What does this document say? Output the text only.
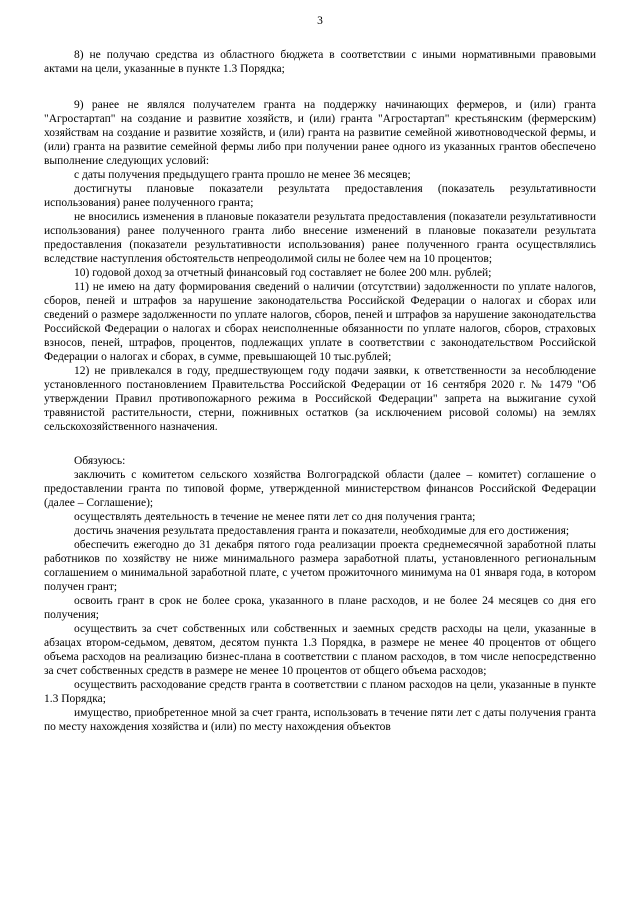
3

8) не получаю средства из областного бюджета в соответствии с иными нормативными правовыми актами на цели, указанные в пункте 1.3 Порядка;

9) ранее не являлся получателем гранта на поддержку начинающих фермеров, и (или) гранта "Агростартап" на создание и развитие хозяйств, и (или) гранта "Агростартап" крестьянским (фермерским) хозяйствам на создание и развитие хозяйств, и (или) гранта на развитие семейной животноводческой фермы, и (или) гранта на развитие семейной фермы либо при получении ранее одного из указанных грантов обеспечено выполнение следующих условий:

с даты получения предыдущего гранта прошло не менее 36 месяцев;

достигнуты плановые показатели результата предоставления (показатель результативности использования) ранее полученного гранта;

не вносились изменения в плановые показатели результата предоставления (показатели результативности использования) ранее полученного гранта либо внесение изменений в плановые показатели результата предоставления (показатели результативности использования) ранее полученного гранта осуществлялись вследствие наступления обстоятельств непреодолимой силы не более чем на 10 процентов;

10) годовой доход за отчетный финансовый год составляет не более 200 млн. рублей;

11) не имею на дату формирования сведений о наличии (отсутствии) задолженности по уплате налогов, сборов, пеней и штрафов за нарушение законодательства Российской Федерации о налогах и сборах или сведений о размере задолженности по уплате налогов, сборов, пеней и штрафов за нарушение законодательства Российской Федерации о налогах и сборах неисполненные обязанности по уплате налогов, сборов, страховых взносов, пеней, штрафов, процентов, подлежащих уплате в соответствии с законодательством Российской Федерации о налогах и сборах, в сумме, превышающей 10 тыс.рублей;

12) не привлекался в году, предшествующем году подачи заявки, к ответственности за несоблюдение установленного постановлением Правительства Российской Федерации от 16 сентября 2020 г. № 1479 "Об утверждении Правил противопожарного режима в Российской Федерации" запрета на выжигание сухой травянистой растительности, стерни, пожнивных остатков (за исключением рисовой соломы) на землях сельскохозяйственного назначения.

Обязуюсь:

заключить с комитетом сельского хозяйства Волгоградской области (далее – комитет) соглашение о предоставлении гранта по типовой форме, утвержденной министерством финансов Российской Федерации (далее – Соглашение);

осуществлять деятельность в течение не менее пяти лет со дня получения гранта;

достичь значения результата предоставления гранта и показатели, необходимые для его достижения;

обеспечить ежегодно до 31 декабря пятого года реализации проекта среднемесячной заработной платы работников по хозяйству не ниже минимального размера заработной платы, установленного региональным соглашением о минимальной заработной плате, с учетом прожиточного минимума на 01 января года, в котором получен грант;

освоить грант в срок не более срока, указанного в плане расходов, и не более 24 месяцев со дня его получения;

осуществить за счет собственных или собственных и заемных средств расходы на цели, указанные в абзацах втором-седьмом, девятом, десятом пункта 1.3 Порядка, в размере не менее 40 процентов от общего объема расходов на реализацию бизнес-плана в соответствии с планом расходов, в том числе непосредственно за счет собственных средств в размере не менее 10 процентов от общего объема расходов;

осуществить расходование средств гранта в соответствии с планом расходов на цели, указанные в пункте 1.3 Порядка;

имущество, приобретенное мной за счет гранта, использовать в течение пяти лет с даты получения гранта по месту нахождения хозяйства и (или) по месту нахождения объектов
